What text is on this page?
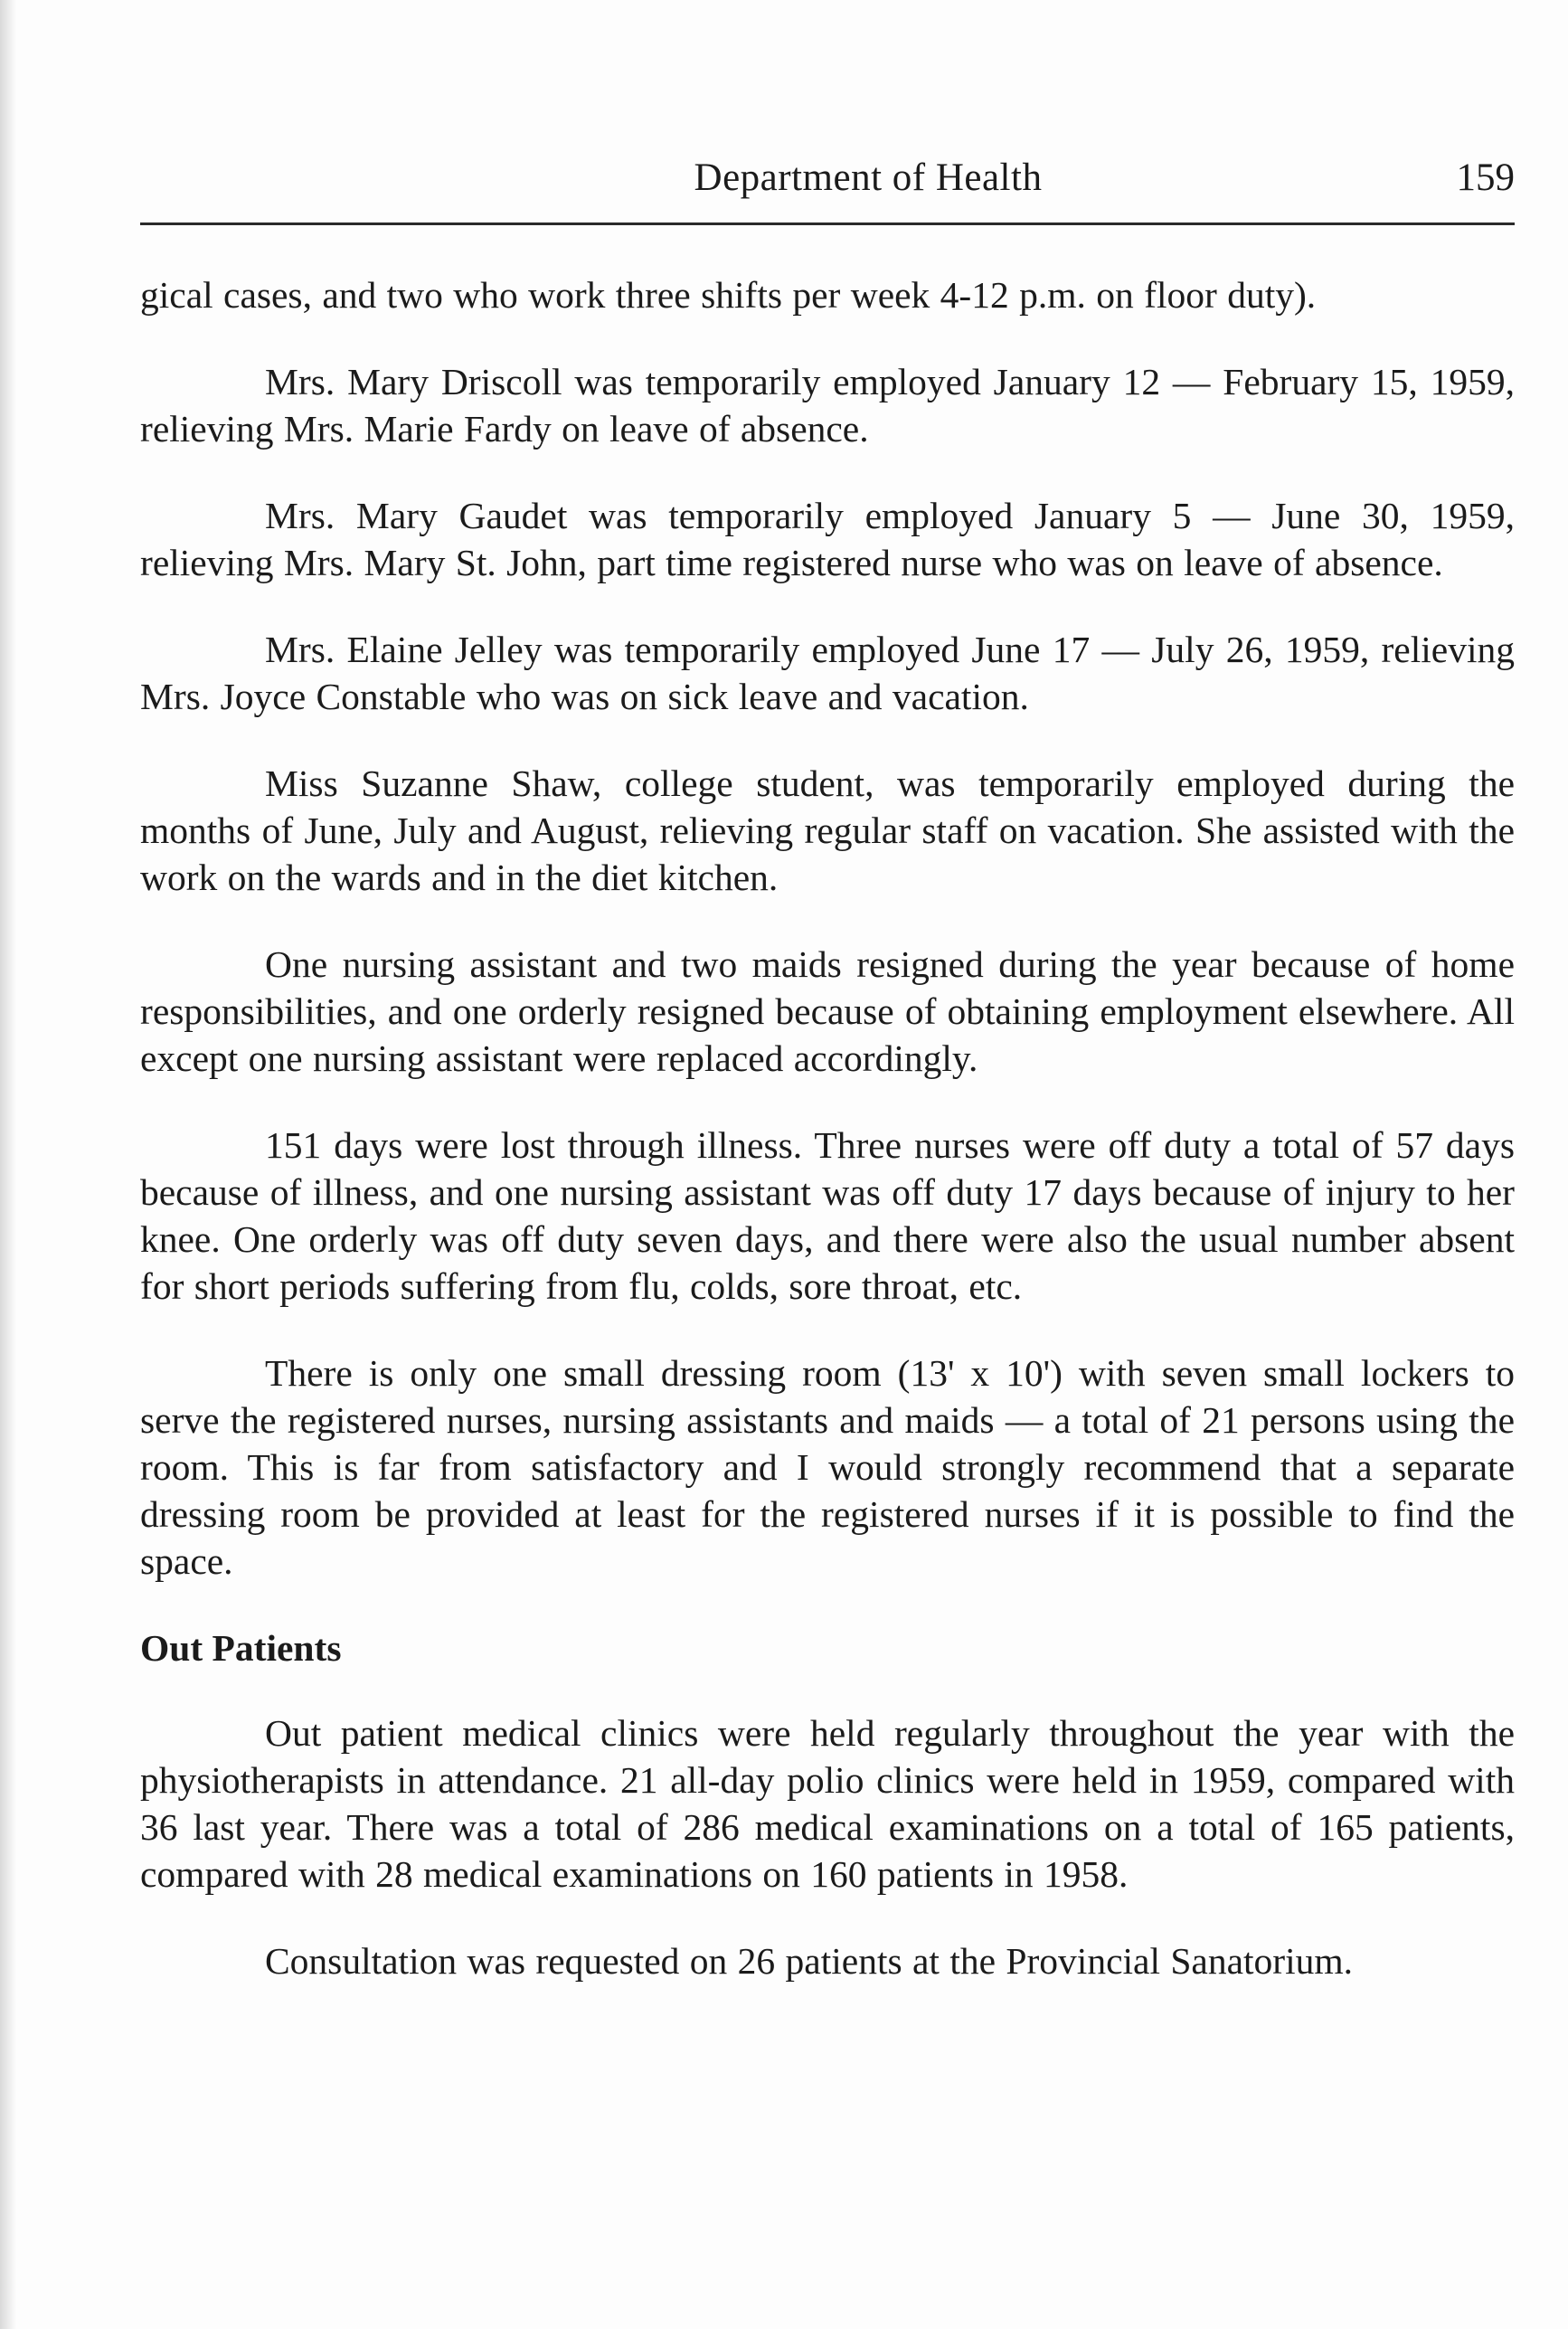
Department of Health	159

gical cases, and two who work three shifts per week 4-12 p.m. on floor duty).

Mrs. Mary Driscoll was temporarily employed January 12 — February 15, 1959, relieving Mrs. Marie Fardy on leave of absence.

Mrs. Mary Gaudet was temporarily employed January 5 — June 30, 1959, relieving Mrs. Mary St. John, part time registered nurse who was on leave of absence.

Mrs. Elaine Jelley was temporarily employed June 17 — July 26, 1959, relieving Mrs. Joyce Constable who was on sick leave and vacation.

Miss Suzanne Shaw, college student, was temporarily employed during the months of June, July and August, relieving regular staff on vacation. She assisted with the work on the wards and in the diet kitchen.

One nursing assistant and two maids resigned during the year because of home responsibilities, and one orderly resigned because of obtaining employment elsewhere. All except one nursing assistant were replaced accordingly.

151 days were lost through illness. Three nurses were off duty a total of 57 days because of illness, and one nursing assistant was off duty 17 days because of injury to her knee. One orderly was off duty seven days, and there were also the usual number absent for short periods suffering from flu, colds, sore throat, etc.

There is only one small dressing room (13' x 10') with seven small lockers to serve the registered nurses, nursing assistants and maids — a total of 21 persons using the room. This is far from satisfactory and I would strongly recommend that a separate dressing room be provided at least for the registered nurses if it is possible to find the space.

Out Patients

Out patient medical clinics were held regularly throughout the year with the physiotherapists in attendance. 21 all-day polio clinics were held in 1959, compared with 36 last year. There was a total of 286 medical examinations on a total of 165 patients, compared with 28 medical examinations on 160 patients in 1958.

Consultation was requested on 26 patients at the Provincial Sanatorium.
